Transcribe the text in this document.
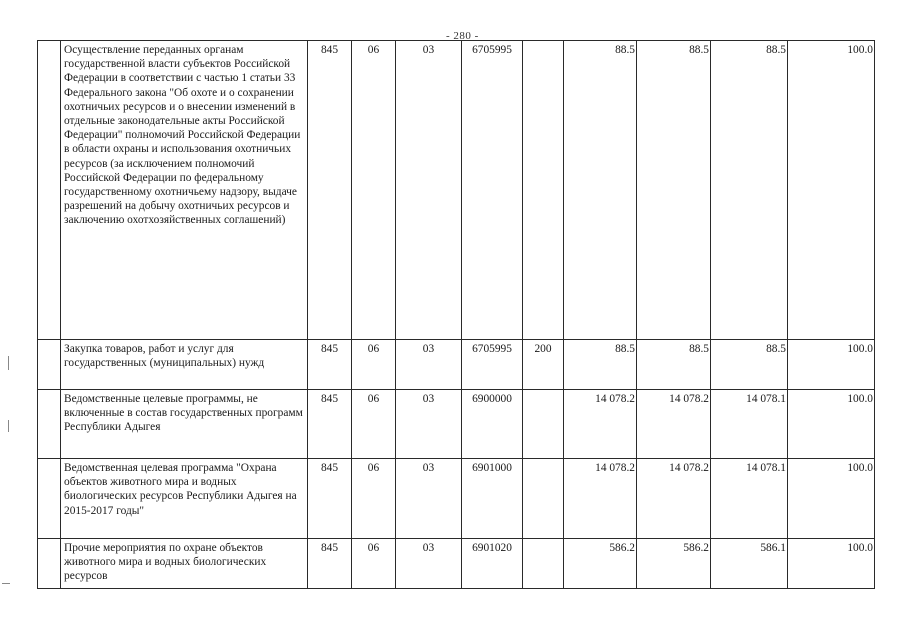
- 280 -
	Осуществление переданных органам государственной власти субъектов Российской Федерации в соответствии с частью 1 статьи 33 Федерального закона "Об охоте и о сохранении охотничьих ресурсов и о внесении изменений в отдельные законодательные акты Российской Федерации" полномочий Российской Федерации в области охраны и использования охотничьих ресурсов (за исключением полномочий Российской Федерации по федеральному государственному охотничьему надзору, выдаче разрешений на добычу охотничьих ресурсов и заключению охотхозяйственных соглашений)	845	06	03	6705995		88.5	88.5	88.5	100.0
	Закупка товаров, работ и услуг для государственных (муниципальных) нужд	845	06	03	6705995	200	88.5	88.5	88.5	100.0
	Ведомственные целевые программы, не включенные в состав государственных программ Республики Адыгея	845	06	03	6900000		14 078.2	14 078.2	14 078.1	100.0
	Ведомственная целевая программа "Охрана объектов животного мира и водных биологических ресурсов Республики Адыгея на 2015-2017 годы"	845	06	03	6901000		14 078.2	14 078.2	14 078.1	100.0
	Прочие мероприятия по охране объектов животного мира и водных биологических ресурсов	845	06	03	6901020		586.2	586.2	586.1	100.0
